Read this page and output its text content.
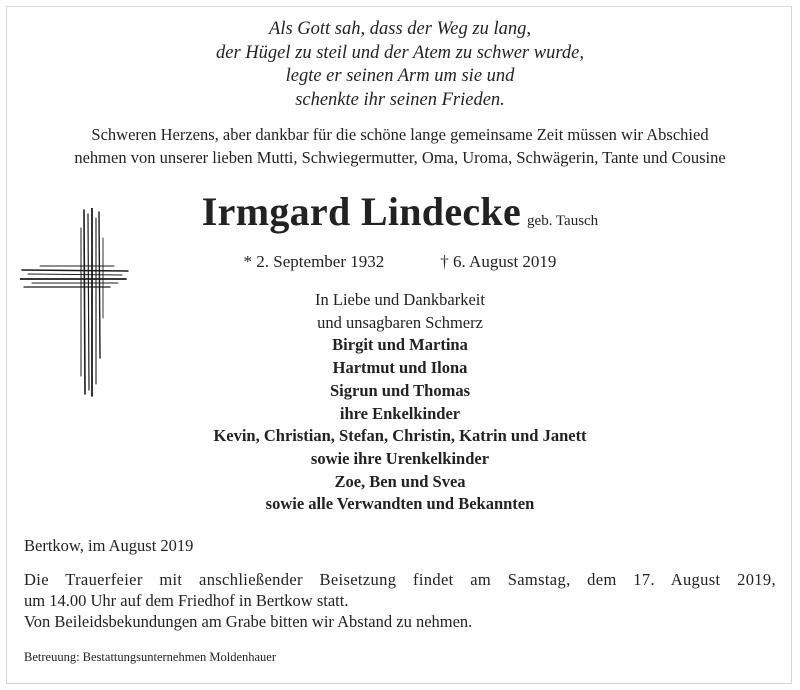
Als Gott sah, dass der Weg zu lang,
der Hügel zu steil und der Atem zu schwer wurde,
legte er seinen Arm um sie und
schenkte ihr seinen Frieden.
Schweren Herzens, aber dankbar für die schöne lange gemeinsame Zeit müssen wir Abschied
nehmen von unserer lieben Mutti, Schwiegermutter, Oma, Uroma, Schwägerin, Tante und Cousine
Irmgard Lindecke geb. Tausch
* 2. September 1932	† 6. August 2019
In Liebe und Dankbarkeit
und unsagbaren Schmerz
Birgit und Martina
Hartmut und Ilona
Sigrun und Thomas
ihre Enkelkinder
Kevin, Christian, Stefan, Christin, Katrin und Janett
sowie ihre Urenkelkinder
Zoe, Ben und Svea
sowie alle Verwandten und Bekannten
Bertkow, im August 2019
Die Trauerfeier mit anschließender Beisetzung findet am Samstag, dem 17. August 2019,
um 14.00 Uhr auf dem Friedhof in Bertkow statt.
Von Beileidsbekundungen am Grabe bitten wir Abstand zu nehmen.
Betreuung: Bestattungsunternehmen Moldenhauer
